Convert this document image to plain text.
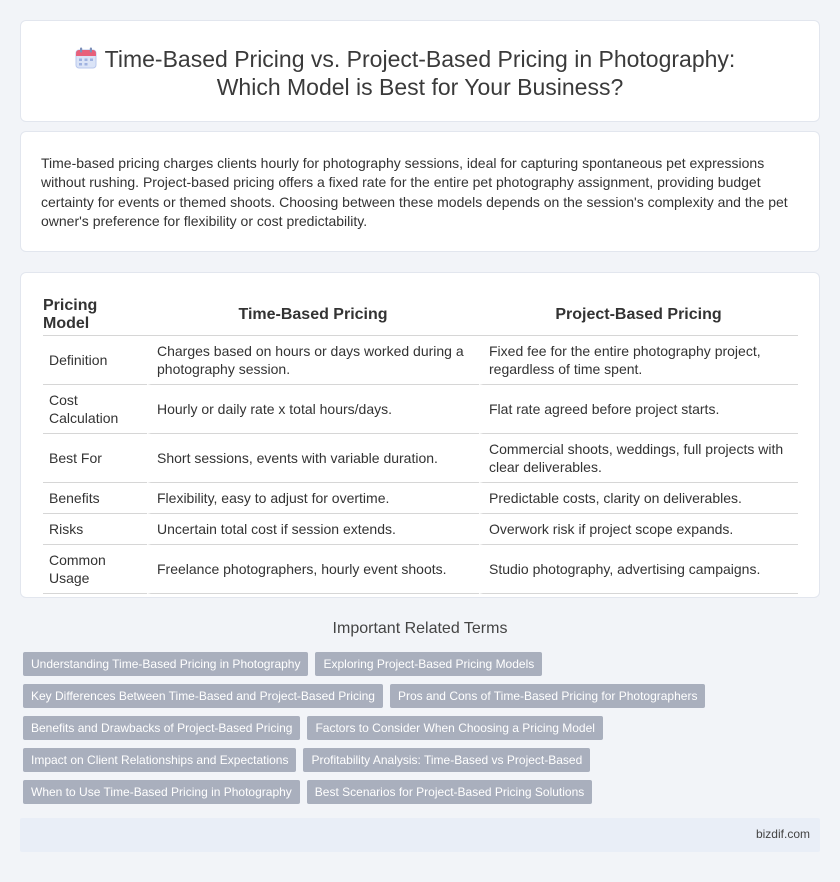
Time-Based Pricing vs. Project-Based Pricing in Photography:
Which Model is Best for Your Business?

Time-based pricing charges clients hourly for photography sessions, ideal for capturing spontaneous pet expressions without rushing. Project-based pricing offers a fixed rate for the entire pet photography assignment, providing budget certainty for events or themed shoots. Choosing between these models depends on the session's complexity and the pet owner's preference for flexibility or cost predictability.

Pricing Model	Time-Based Pricing	Project-Based Pricing
Definition	Charges based on hours or days worked during a photography session.	Fixed fee for the entire photography project, regardless of time spent.
Cost Calculation	Hourly or daily rate x total hours/days.	Flat rate agreed before project starts.
Best For	Short sessions, events with variable duration.	Commercial shoots, weddings, full projects with clear deliverables.
Benefits	Flexibility, easy to adjust for overtime.	Predictable costs, clarity on deliverables.
Risks	Uncertain total cost if session extends.	Overwork risk if project scope expands.
Common Usage	Freelance photographers, hourly event shoots.	Studio photography, advertising campaigns.
Important Related Terms
Understanding Time-Based Pricing in Photography	Exploring Project-Based Pricing Models
Key Differences Between Time-Based and Project-Based Pricing	Pros and Cons of Time-Based Pricing for Photographers
Benefits and Drawbacks of Project-Based Pricing	Factors to Consider When Choosing a Pricing Model
Impact on Client Relationships and Expectations	Profitability Analysis: Time-Based vs Project-Based
When to Use Time-Based Pricing in Photography	Best Scenarios for Project-Based Pricing Solutions
bizdif.com
